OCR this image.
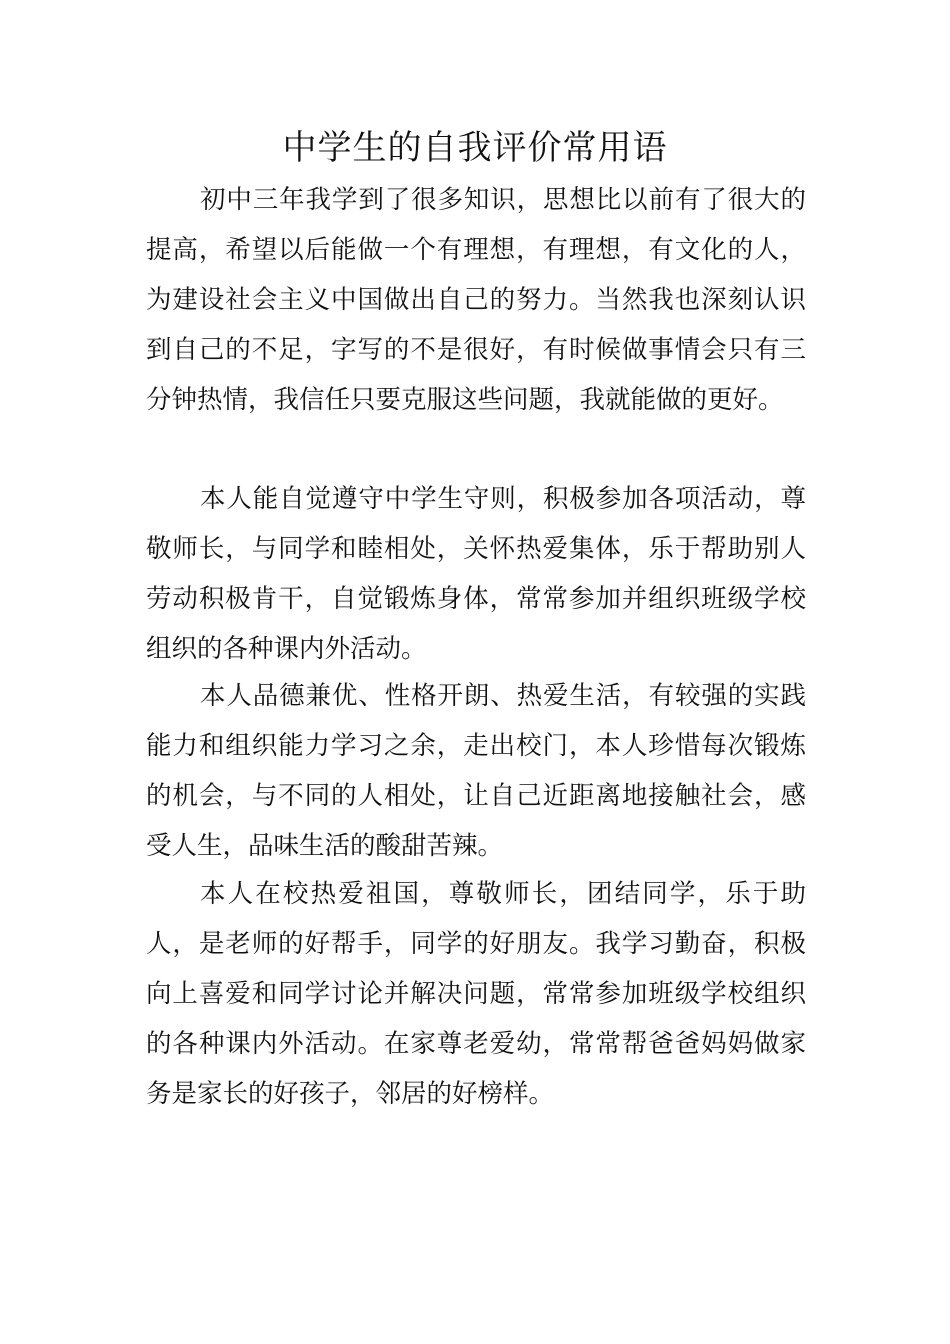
中学生的自我评价常用语

初中三年我学到了很多知识，思想比以前有了很大的提高，希望以后能做一个有理想，有理想，有文化的人，为建设社会主义中国做出自己的努力。当然我也深刻认识到自己的不足，字写的不是很好，有时候做事情会只有三分钟热情，我信任只要克服这些问题，我就能做的更好。

本人能自觉遵守中学生守则，积极参加各项活动，尊敬师长，与同学和睦相处，关怀热爱集体，乐于帮助别人劳动积极肯干，自觉锻炼身体，常常参加并组织班级学校组织的各种课内外活动。

本人品德兼优、性格开朗、热爱生活，有较强的实践能力和组织能力学习之余，走出校门，本人珍惜每次锻炼的机会，与不同的人相处，让自己近距离地接触社会，感受人生，品味生活的酸甜苦辣。

本人在校热爱祖国，尊敬师长，团结同学，乐于助人，是老师的好帮手，同学的好朋友。我学习勤奋，积极向上喜爱和同学讨论并解决问题，常常参加班级学校组织的各种课内外活动。在家尊老爱幼，常常帮爸爸妈妈做家务是家长的好孩子，邻居的好榜样。
